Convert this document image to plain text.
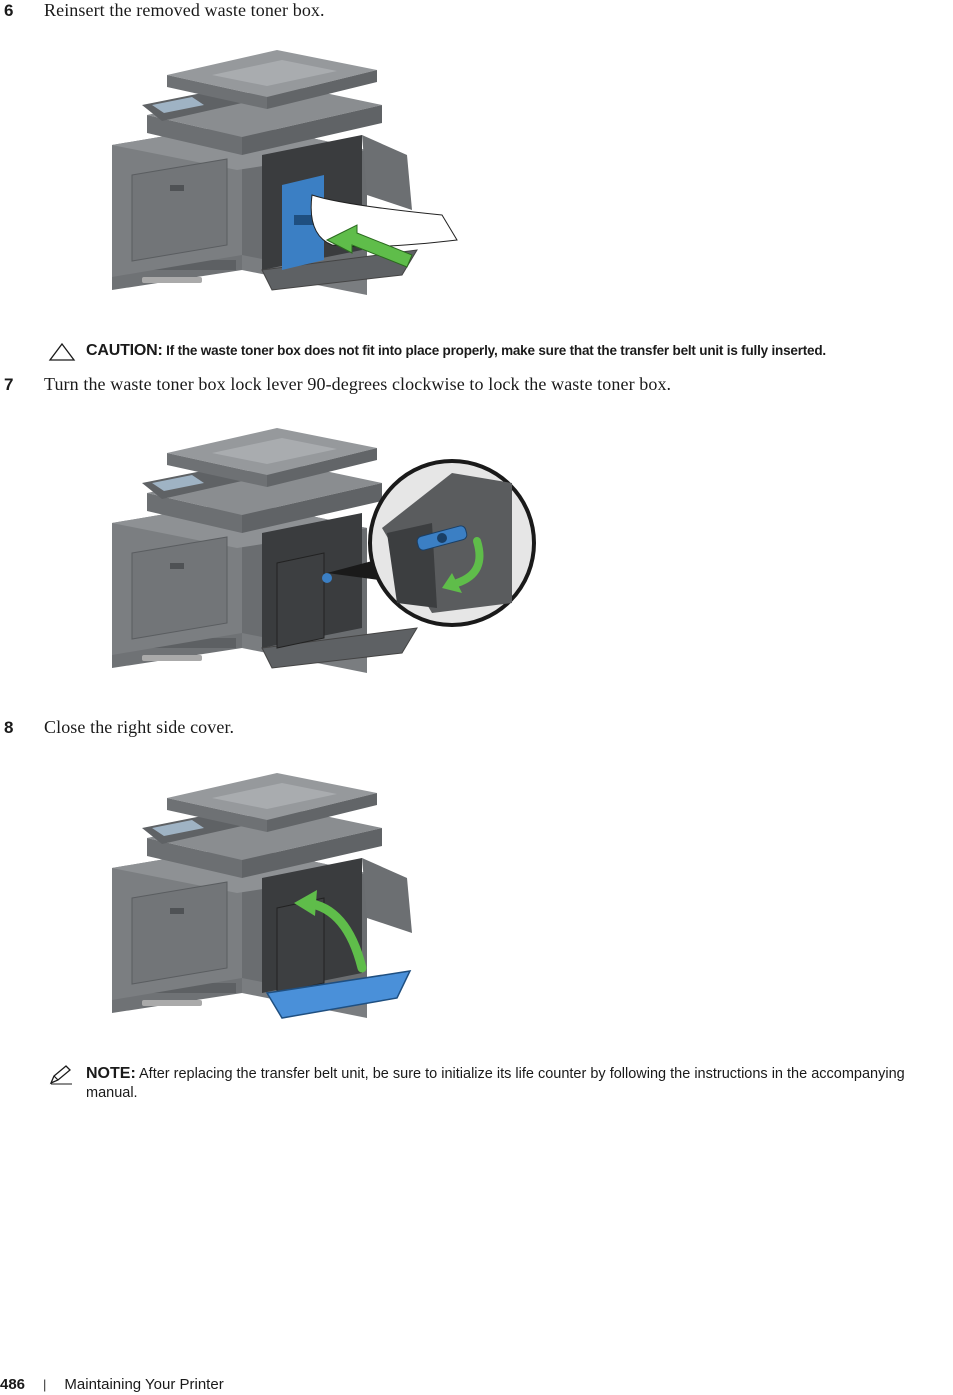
6	Reinsert the removed waste toner box.
CAUTION: If the waste toner box does not fit into place properly, make sure that the transfer belt unit is fully inserted.
7	Turn the waste toner box lock lever 90-degrees clockwise to lock the waste toner box.
8	Close the right side cover.
NOTE: After replacing the transfer belt unit, be sure to initialize its life counter by following the instructions in the accompanying manual.
486 | Maintaining Your Printer
